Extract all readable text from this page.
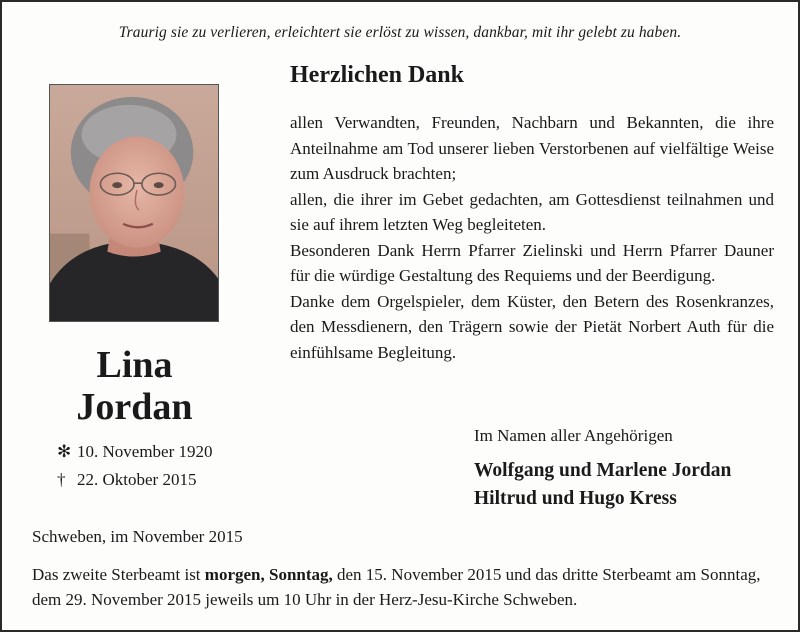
Traurig sie zu verlieren, erleichtert sie erlöst zu wissen, dankbar, mit ihr gelebt zu haben.
Lina
Jordan
✻ 10. November 1920
† 22. Oktober 2015
Herzlichen Dank

allen Verwandten, Freunden, Nachbarn und Bekannten, die ihre Anteilnahme am Tod unserer lieben Verstorbenen auf vielfältige Weise zum Ausdruck brachten;

allen, die ihrer im Gebet gedachten, am Gottesdienst teilnahmen und sie auf ihrem letzten Weg begleiteten.

Besonderen Dank Herrn Pfarrer Zielinski und Herrn Pfarrer Dauner für die würdige Gestaltung des Requiems und der Beerdigung.

Danke dem Orgelspieler, dem Küster, den Betern des Rosenkranzes, den Messdienern, den Trägern sowie der Pietät Norbert Auth für die einfühlsame Begleitung.

Im Namen aller Angehörigen
Wolfgang und Marlene Jordan
Hiltrud und Hugo Kress
Schweben, im November 2015

Das zweite Sterbeamt ist morgen, Sonntag, den 15. November 2015 und das dritte Sterbeamt am Sonntag, dem 29. November 2015 jeweils um 10 Uhr in der Herz-Jesu-Kirche Schweben.
